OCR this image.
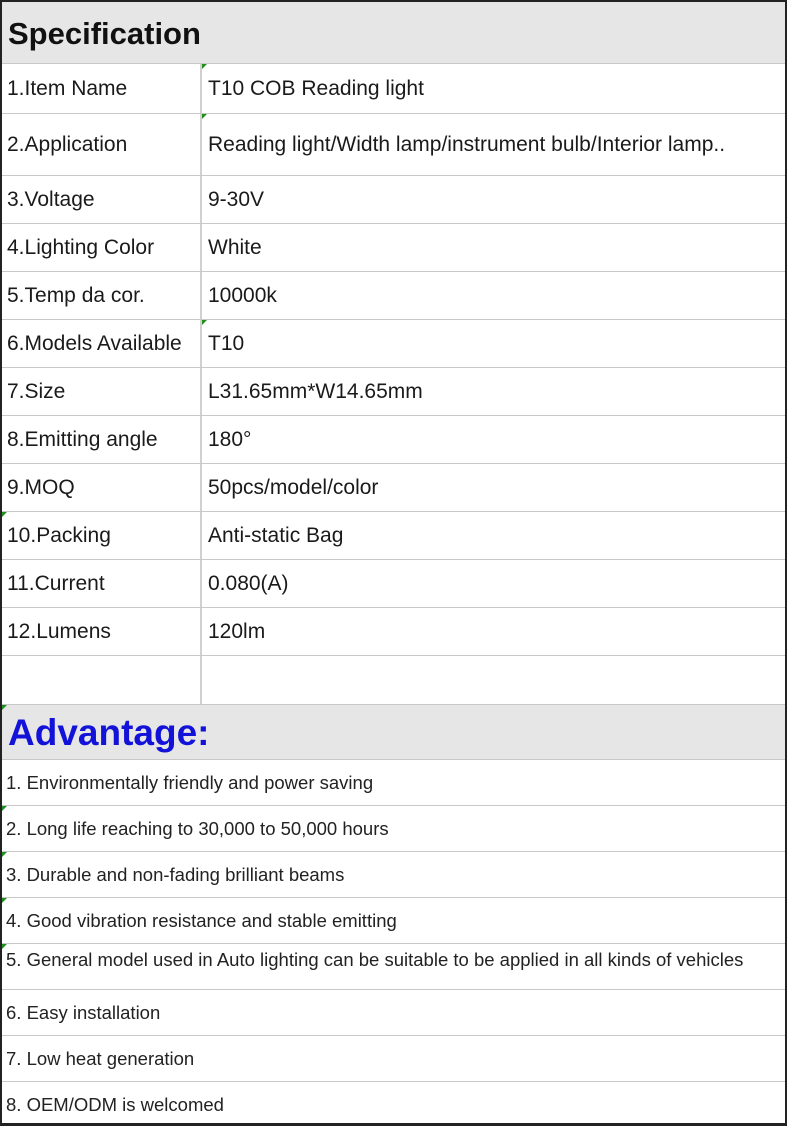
Specification
1.Item Name	T10 COB Reading light
2.Application	Reading light/Width lamp/instrument bulb/Interior lamp..
3.Voltage	9-30V
4.Lighting Color	White
5.Temp da cor.	10000k
6.Models Available	T10
7.Size	L31.65mm*W14.65mm
8.Emitting angle	180°
9.MOQ	50pcs/model/color
10.Packing	Anti-static Bag
11.Current	0.080(A)
12.Lumens	120lm
Advantage:
1. Environmentally friendly and power saving
2. Long life reaching to 30,000 to 50,000 hours
3. Durable and non-fading brilliant beams
4. Good vibration resistance and stable emitting
5. General model used in Auto lighting can be suitable to be applied in all kinds of vehicles
6. Easy installation
7. Low heat generation
8. OEM/ODM is welcomed
